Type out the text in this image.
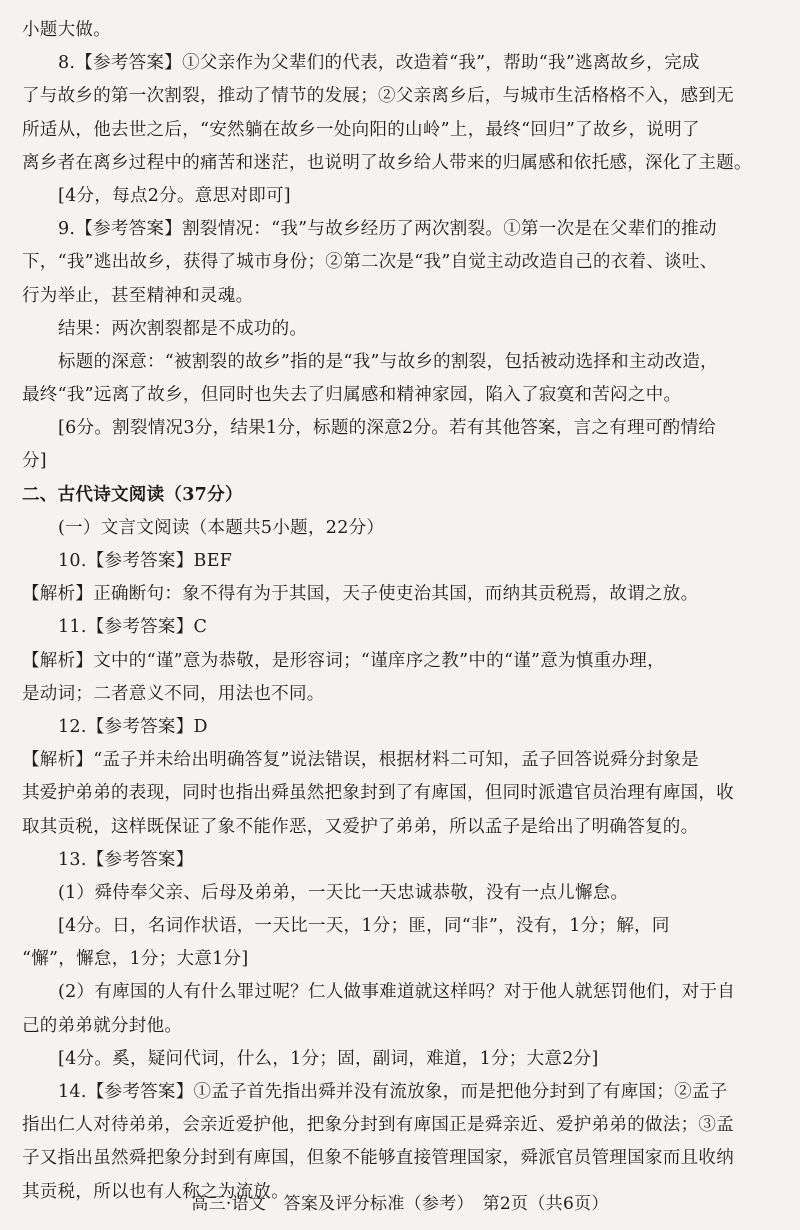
小题大做。
8.【参考答案】①父亲作为父辈们的代表，改造着“我”，帮助“我”逃离故乡，完成
了与故乡的第一次割裂，推动了情节的发展；②父亲离乡后，与城市生活格格不入，感到无
所适从，他去世之后，“安然躺在故乡一处向阳的山岭”上，最终“回归”了故乡，说明了
离乡者在离乡过程中的痛苦和迷茫，也说明了故乡给人带来的归属感和依托感，深化了主题。
[4分，每点2分。意思对即可]
9.【参考答案】割裂情况：“我”与故乡经历了两次割裂。①第一次是在父辈们的推动
下，“我”逃出故乡，获得了城市身份；②第二次是“我”自觉主动改造自己的衣着、谈吐、
行为举止，甚至精神和灵魂。
结果：两次割裂都是不成功的。
标题的深意：“被割裂的故乡”指的是“我”与故乡的割裂，包括被动选择和主动改造，
最终“我”远离了故乡，但同时也失去了归属感和精神家园，陷入了寂寞和苦闷之中。
[6分。割裂情况3分，结果1分，标题的深意2分。若有其他答案，言之有理可酌情给
分]
二、古代诗文阅读（37分）
(一）文言文阅读（本题共5小题，22分）
10.【参考答案】BEF
【解析】正确断句：象不得有为于其国，天子使吏治其国，而纳其贡税焉，故谓之放。
11.【参考答案】C
【解析】文中的“谨”意为恭敬，是形容词；“谨庠序之教”中的“谨”意为慎重办理，
是动词；二者意义不同，用法也不同。
12.【参考答案】D
【解析】“孟子并未给出明确答复”说法错误，根据材料二可知，孟子回答说舜分封象是
其爱护弟弟的表现，同时也指出舜虽然把象封到了有庳国，但同时派遣官员治理有庳国，收
取其贡税，这样既保证了象不能作恶，又爱护了弟弟，所以孟子是给出了明确答复的。
13.【参考答案】
(1）舜侍奉父亲、后母及弟弟，一天比一天忠诚恭敬，没有一点儿懈怠。
[4分。日，名词作状语，一天比一天，1分；匪，同“非”，没有，1分；解，同
“懈”，懈怠，1分；大意1分]
(2）有庳国的人有什么罪过呢？仁人做事难道就这样吗？对于他人就惩罚他们，对于自
己的弟弟就分封他。
[4分。奚，疑问代词，什么，1分；固，副词，难道，1分；大意2分]
14.【参考答案】①孟子首先指出舜并没有流放象，而是把他分封到了有庳国；②孟子
指出仁人对待弟弟，会亲近爱护他，把象分封到有庳国正是舜亲近、爱护弟弟的做法；③孟
子又指出虽然舜把象分封到有庳国，但象不能够直接管理国家，舜派官员管理国家而且收纳
其贡税，所以也有人称之为流放。
高三·语文　答案及评分标准（参考）　第2页（共6页）
